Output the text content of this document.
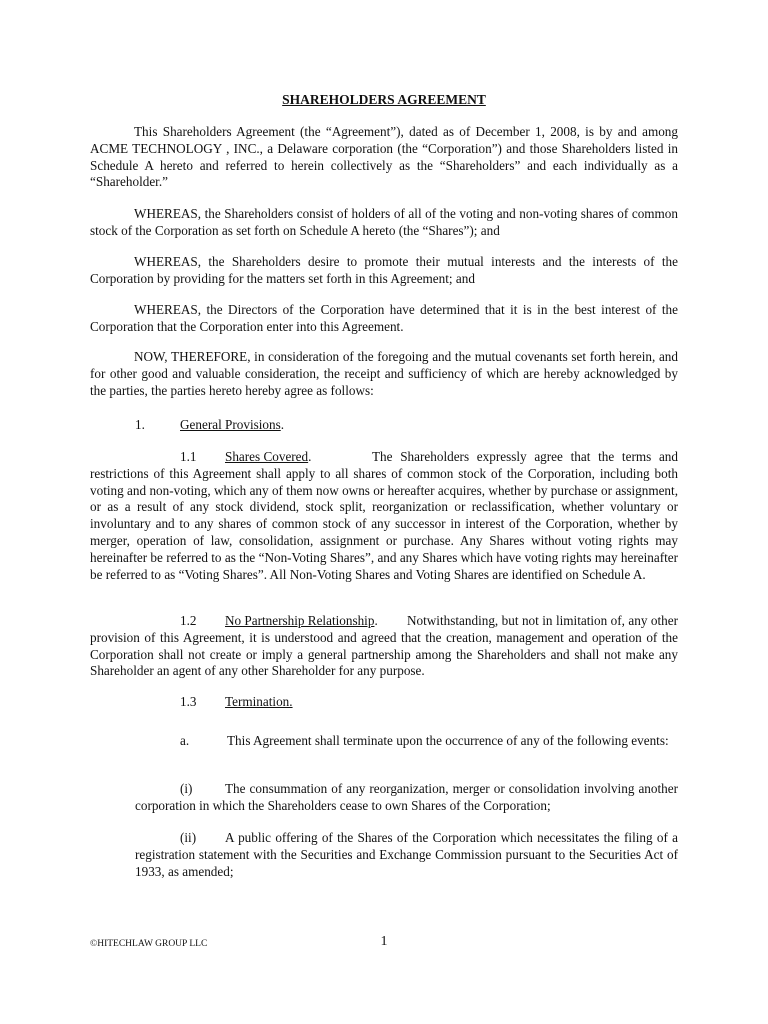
SHAREHOLDERS AGREEMENT

This Shareholders Agreement (the “Agreement”), dated as of December 1, 2008, is by and among ACME TECHNOLOGY , INC., a Delaware corporation (the “Corporation”) and those Shareholders listed in Schedule A hereto and referred to herein collectively as the “Shareholders” and each individually as a “Shareholder.”

WHEREAS, the Shareholders consist of holders of all of the voting and non-voting shares of common stock of the Corporation as set forth on Schedule A hereto (the “Shares”); and

WHEREAS, the Shareholders desire to promote their mutual interests and the interests of the Corporation by providing for the matters set forth in this Agreement; and

WHEREAS, the Directors of the Corporation have determined that it is in the best interest of the Corporation that the Corporation enter into this Agreement.

NOW, THEREFORE, in consideration of the foregoing and the mutual covenants set forth herein, and for other good and valuable consideration, the receipt and sufficiency of which are hereby acknowledged by the parties, the parties hereto hereby agree as follows:

1.	General Provisions.
1.1 Shares Covered.	The Shareholders expressly agree that the terms and restrictions of this Agreement shall apply to all shares of common stock of the Corporation, including both voting and non-voting, which any of them now owns or hereafter acquires, whether by purchase or assignment, or as a result of any stock dividend, stock split, reorganization or reclassification, whether voluntary or involuntary and to any shares of common stock of any successor in interest of the Corporation, whether by merger, operation of law, consolidation, assignment or purchase. Any Shares without voting rights may hereinafter be referred to as the “Non-Voting Shares”, and any Shares which have voting rights may hereinafter be referred to as “Voting Shares”. All Non-Voting Shares and Voting Shares are identified on Schedule A.

1.2 No Partnership Relationship.	Notwithstanding, but not in limitation of, any other provision of this Agreement, it is understood and agreed that the creation, management and operation of the Corporation shall not create or imply a general partnership among the Shareholders and shall not make any Shareholder an agent of any other Shareholder for any purpose.

1.3 Termination.
a.	This Agreement shall terminate upon the occurrence of any of the following events:

(i)	The consummation of any reorganization, merger or consolidation involving another corporation in which the Shareholders cease to own Shares of the Corporation;

(ii)	A public offering of the Shares of the Corporation which necessitates the filing of a registration statement with the Securities and Exchange Commission pursuant to the Securities Act of 1933, as amended;

©HITECHLAW GROUP LLC	1
